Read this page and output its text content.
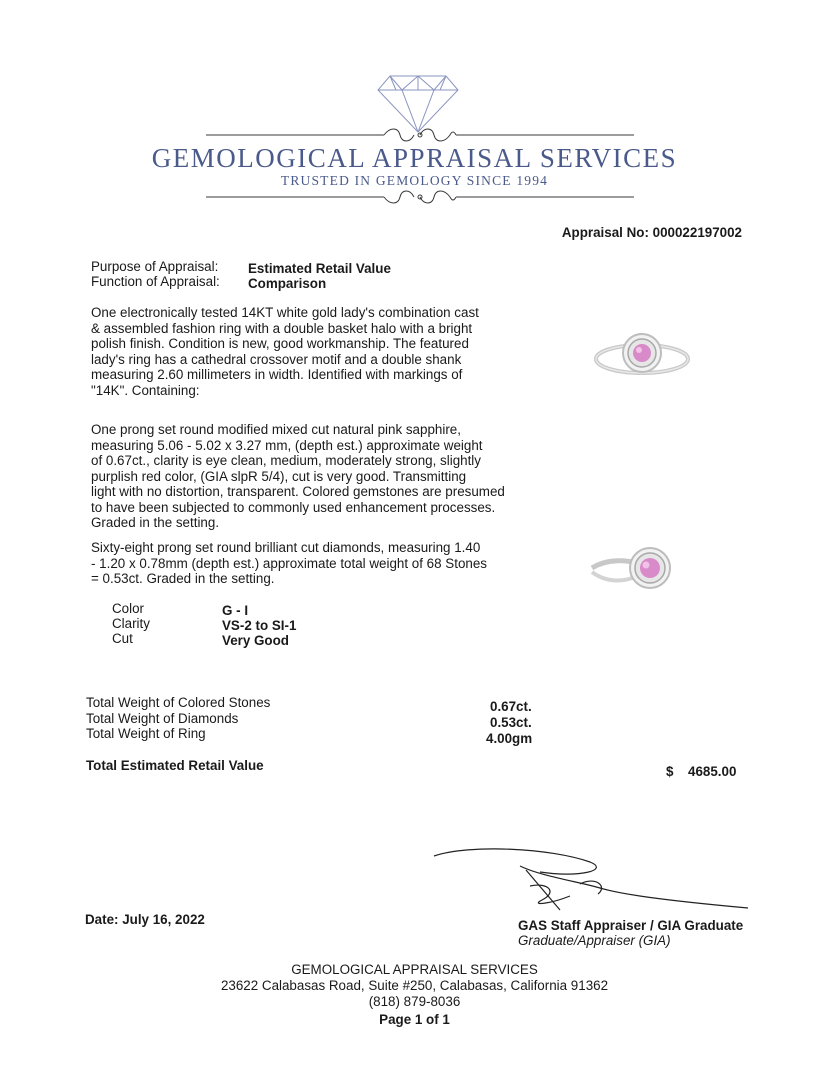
GEMOLOGICAL APPRAISAL SERVICES
TRUSTED IN GEMOLOGY SINCE 1994
Appraisal No: 000022197002
Purpose of Appraisal: Estimated Retail Value
Function of Appraisal: Comparison
One electronically tested 14KT white gold lady's combination cast
& assembled fashion ring with a double basket halo with a bright
polish finish. Condition is new, good workmanship. The featured
lady's ring has a cathedral crossover motif and a double shank
measuring 2.60 millimeters in width. Identified with markings of
"14K". Containing:
One prong set round modified mixed cut natural pink sapphire,
measuring 5.06 - 5.02 x 3.27 mm, (depth est.) approximate weight
of 0.67ct., clarity is eye clean, medium, moderately strong, slightly
purplish red color, (GIA slpR 5/4), cut is very good. Transmitting
light with no distortion, transparent. Colored gemstones are presumed
to have been subjected to commonly used enhancement processes.
Graded in the setting.
Sixty-eight prong set round brilliant cut diamonds, measuring 1.40
- 1.20 x 0.78mm (depth est.) approximate total weight of 68 Stones
= 0.53ct. Graded in the setting.
Color	G - I
Clarity	VS-2 to SI-1
Cut	Very Good
Total Weight of Colored Stones	0.67ct.
Total Weight of Diamonds	0.53ct.
Total Weight of Ring	4.00gm
Total Estimated Retail Value	$ 4685.00
Date: July 16, 2022	GAS Staff Appraiser / GIA Graduate
Graduate/Appraiser (GIA)
GEMOLOGICAL APPRAISAL SERVICES
23622 Calabasas Road, Suite #250, Calabasas, California 91362
(818) 879-8036
Page 1 of 1
